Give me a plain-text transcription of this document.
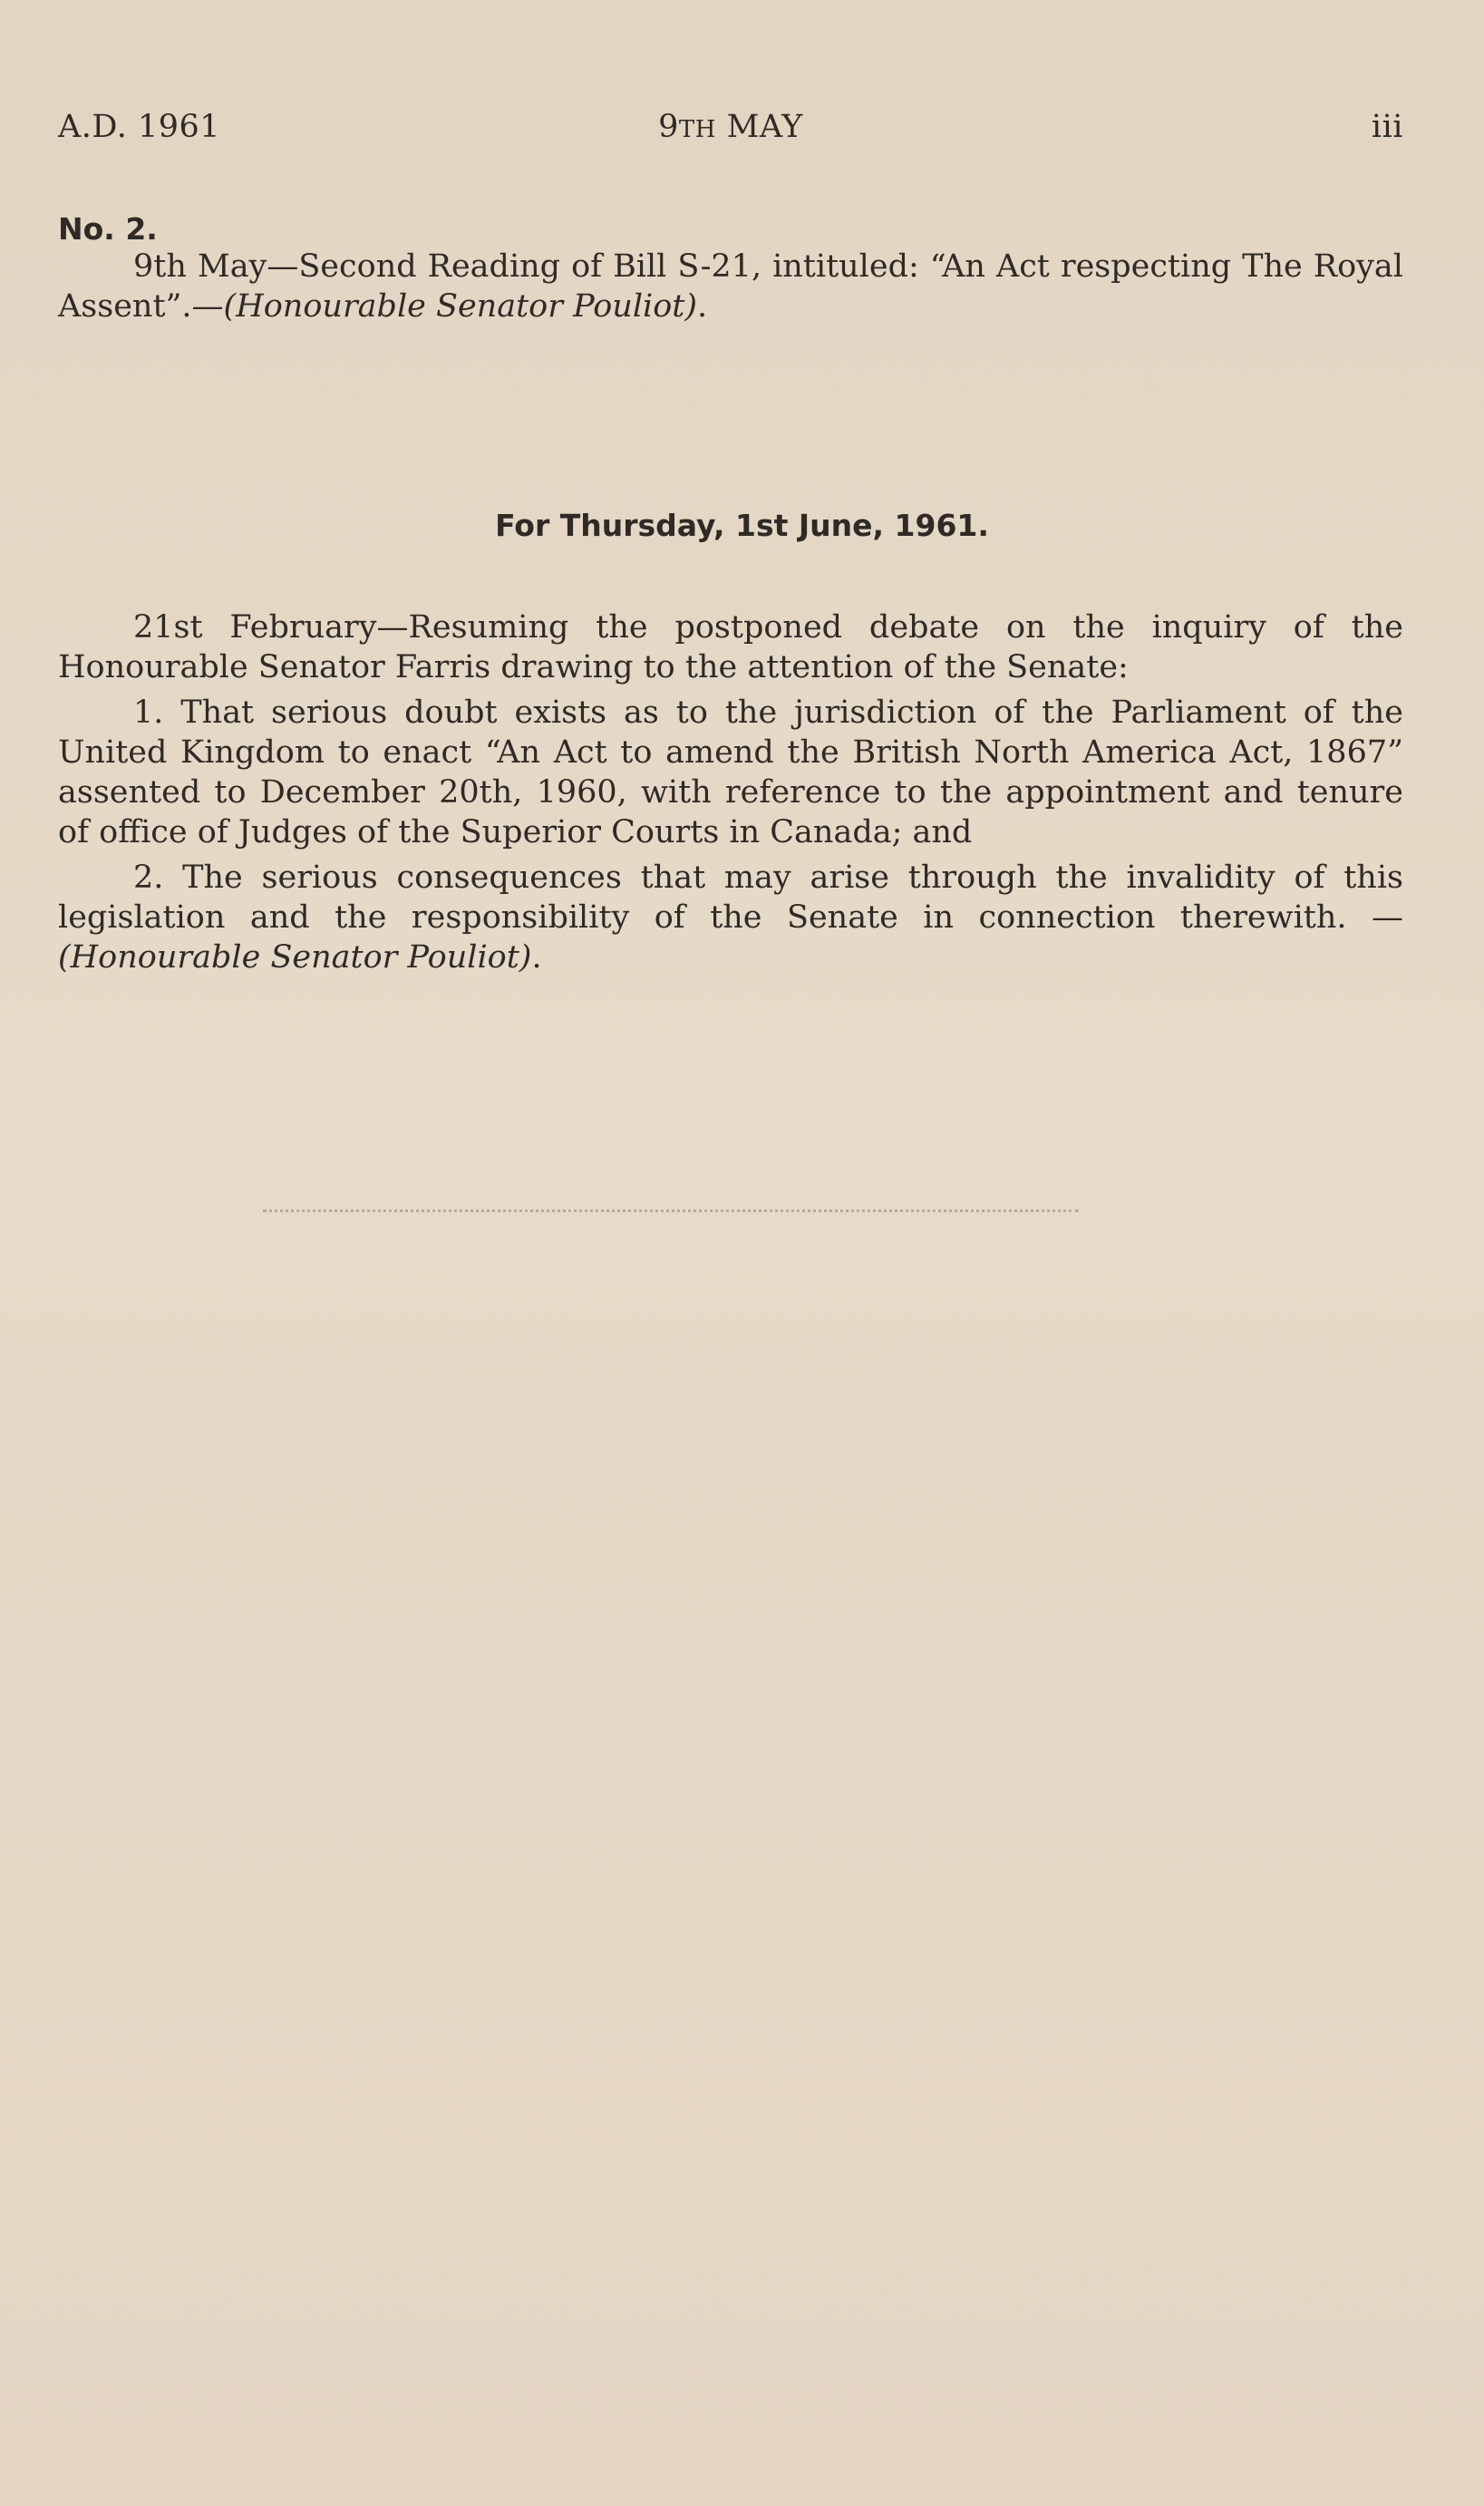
A.D. 1961	9TH MAY	iii
No. 2.

9th May—Second Reading of Bill S-21, intituled: “An Act respecting The Royal Assent”.—(Honourable Senator Pouliot).

For Thursday, 1st June, 1961.

21st February—Resuming the postponed debate on the inquiry of the Honourable Senator Farris drawing to the attention of the Senate:

1. That serious doubt exists as to the jurisdiction of the Parliament of the United Kingdom to enact “An Act to amend the British North America Act, 1867” assented to December 20th, 1960, with reference to the appointment and tenure of office of Judges of the Superior Courts in Canada; and

2. The serious consequences that may arise through the invalidity of this legislation and the responsibility of the Senate in connection therewith. —(Honourable Senator Pouliot).
